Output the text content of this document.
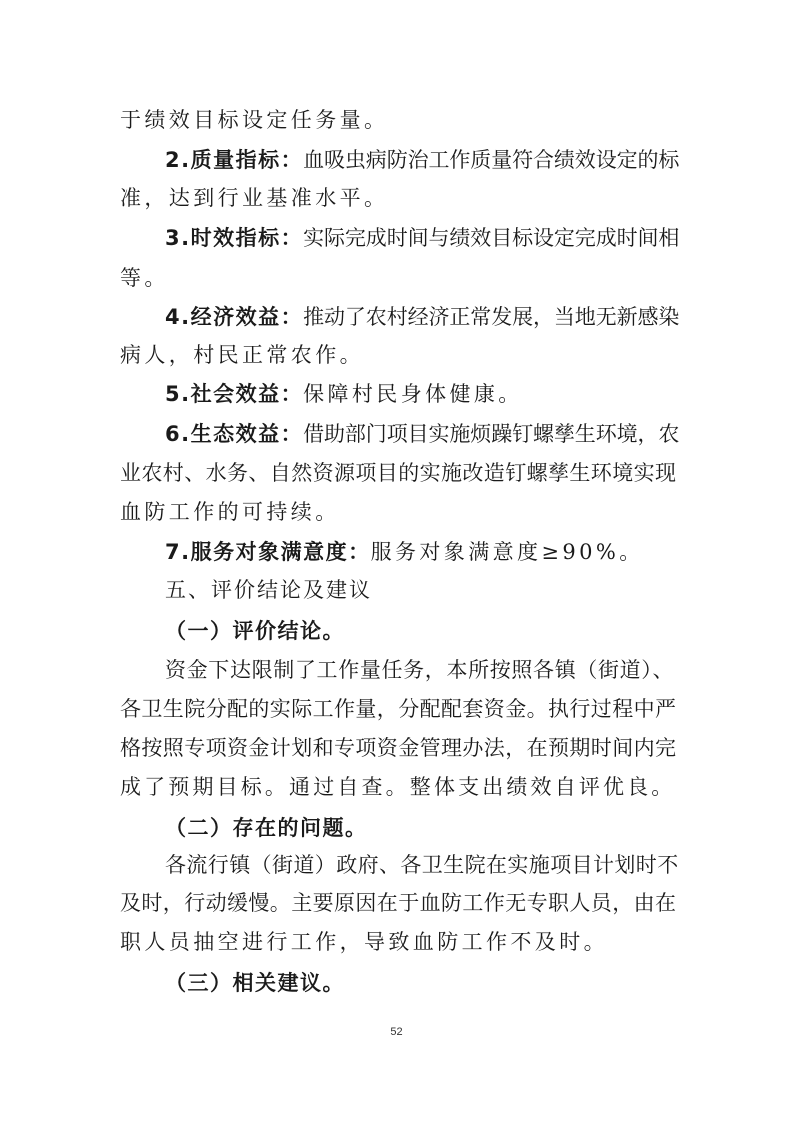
于绩效目标设定任务量。
2.质量指标：血吸虫病防治工作质量符合绩效设定的标
准，达到行业基准水平。
3.时效指标：实际完成时间与绩效目标设定完成时间相
等。
4.经济效益：推动了农村经济正常发展，当地无新感染
病人，村民正常农作。
5.社会效益：保障村民身体健康。
6.生态效益：借助部门项目实施烦躁钉螺孳生环境，农
业农村、水务、自然资源项目的实施改造钉螺孳生环境实现
血防工作的可持续。
7.服务对象满意度：服务对象满意度≥90%。
五、评价结论及建议
（一）评价结论。
资金下达限制了工作量任务，本所按照各镇（街道）、
各卫生院分配的实际工作量，分配配套资金。执行过程中严
格按照专项资金计划和专项资金管理办法，在预期时间内完
成了预期目标。通过自查。整体支出绩效自评优良。
（二）存在的问题。
各流行镇（街道）政府、各卫生院在实施项目计划时不
及时，行动缓慢。主要原因在于血防工作无专职人员，由在
职人员抽空进行工作，导致血防工作不及时。
（三）相关建议。
52
